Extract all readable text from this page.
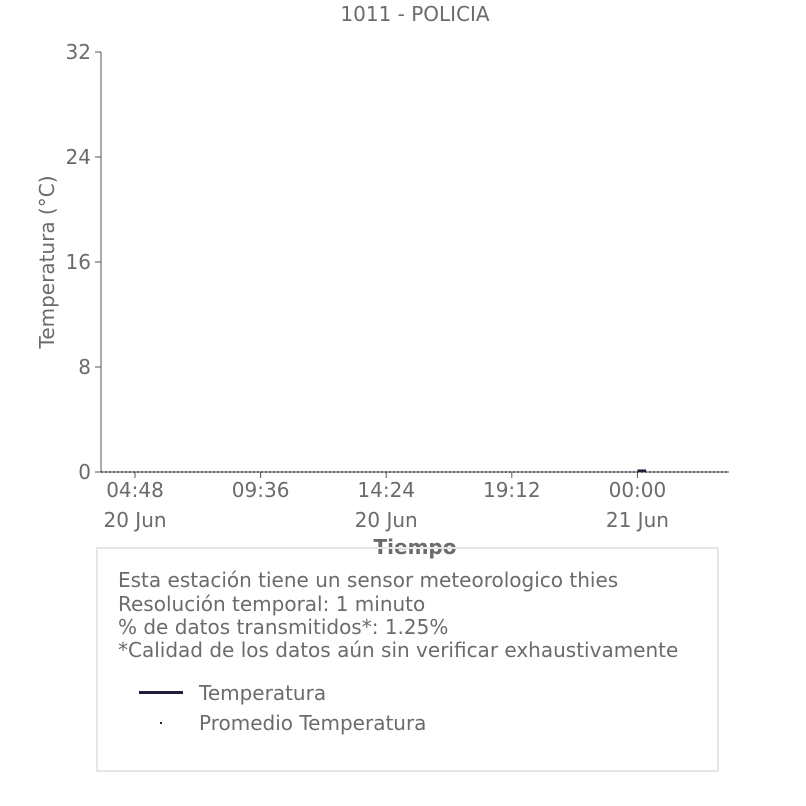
1011 - POLICIA
0
8
16
24
32
04:48
20 Jun
09:36	14:24
20 Jun
19:12	00:00
21 Jun
Tiempo
Temperatura (°C)
Esta estación tiene un sensor meteorologico thies
Resolución temporal: 1 minuto
% de datos transmitidos*: 1.25%
*Calidad de los datos aún sin verificar exhaustivamente
Temperatura
Promedio Temperatura
